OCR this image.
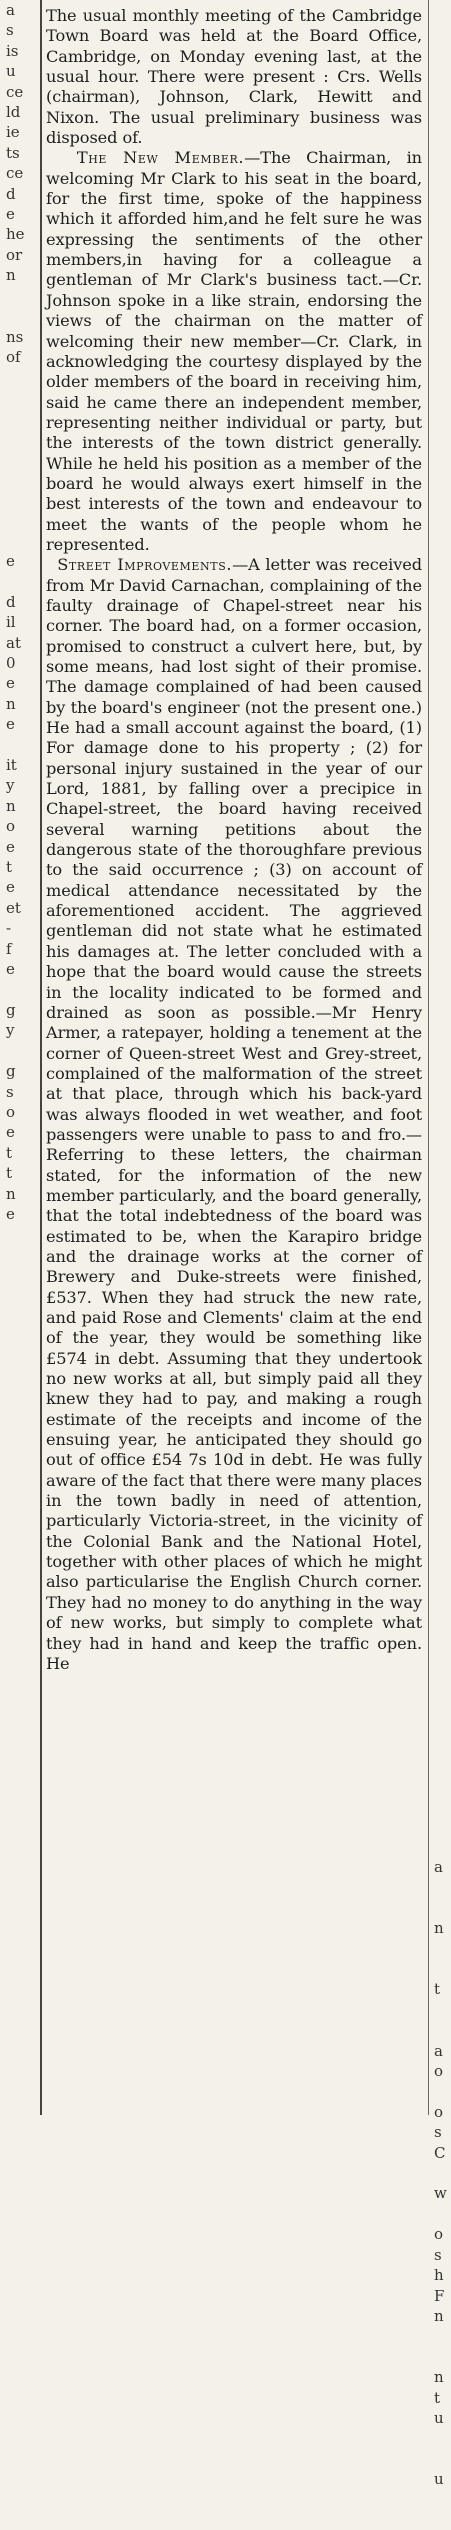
a
s
is
u
ce
ld
ie
ts
ce
d
e
he
or
n

ns
of

e

d
il
at
0
e
n
e

it
y
n
o
e
t
e
et
-
f
e

g
y

g
s
o
e
t
t
n
e

The usual monthly meeting of the Cambridge Town Board was held at the Board Office, Cambridge, on Monday evening last, at the usual hour. There were present : Crs. Wells (chairman), Johnson, Clark, Hewitt and Nixon. The usual preliminary business was disposed of.

The New Member.—The Chairman, in welcoming Mr Clark to his seat in the board, for the first time, spoke of the happiness which it afforded him,and he felt sure he was expressing the sentiments of the other members,in having for a colleague a gentleman of Mr Clark's business tact.—Cr. Johnson spoke in a like strain, endorsing the views of the chairman on the matter of welcoming their new member—Cr. Clark, in acknowledging the courtesy displayed by the older members of the board in receiving him, said he came there an independent member, representing neither individual or party, but the interests of the town district generally. While he held his position as a member of the board he would always exert himself in the best interests of the town and endeavour to meet the wants of the people whom he represented.

Street Improvements.—A letter was received from Mr David Carnachan, complaining of the faulty drainage of Chapel-street near his corner. The board had, on a former occasion, promised to construct a culvert here, but, by some means, had lost sight of their promise. The damage complained of had been caused by the board's engineer (not the present one.) He had a small account against the board, (1) For damage done to his property ; (2) for personal injury sustained in the year of our Lord, 1881, by falling over a precipice in Chapel-street, the board having received several warning petitions about the dangerous state of the thoroughfare previous to the said occurrence ; (3) on account of medical attendance necessitated by the aforementioned accident. The aggrieved gentleman did not state what he estimated his damages at. The letter concluded with a hope that the board would cause the streets in the locality indicated to be formed and drained as soon as possible.—Mr Henry Armer, a ratepayer, holding a tenement at the corner of Queen-street West and Grey-street, complained of the malformation of the street at that place, through which his back-yard was always flooded in wet weather, and foot passengers were unable to pass to and fro.—Referring to these letters, the chairman stated, for the information of the new member particularly, and the board generally, that the total indebtedness of the board was estimated to be, when the Karapiro bridge and the drainage works at the corner of Brewery and Duke-streets were finished, £537. When they had struck the new rate, and paid Rose and Clements' claim at the end of the year, they would be something like £574 in debt. Assuming that they undertook no new works at all, but simply paid all they knew they had to pay, and making a rough estimate of the receipts and income of the ensuing year, he anticipated they should go out of office £54 7s 10d in debt. He was fully aware of the fact that there were many places in the town badly in need of attention, particularly Victoria-street, in the vicinity of the Colonial Bank and the National Hotel, together with other places of which he might also particularise the English Church corner. They had no money to do anything in the way of new works, but simply to complete what they had in hand and keep the traffic open. He

a

n

t

a
o

o
s
C

w

o
s
h
F
n

n
t
u

u
